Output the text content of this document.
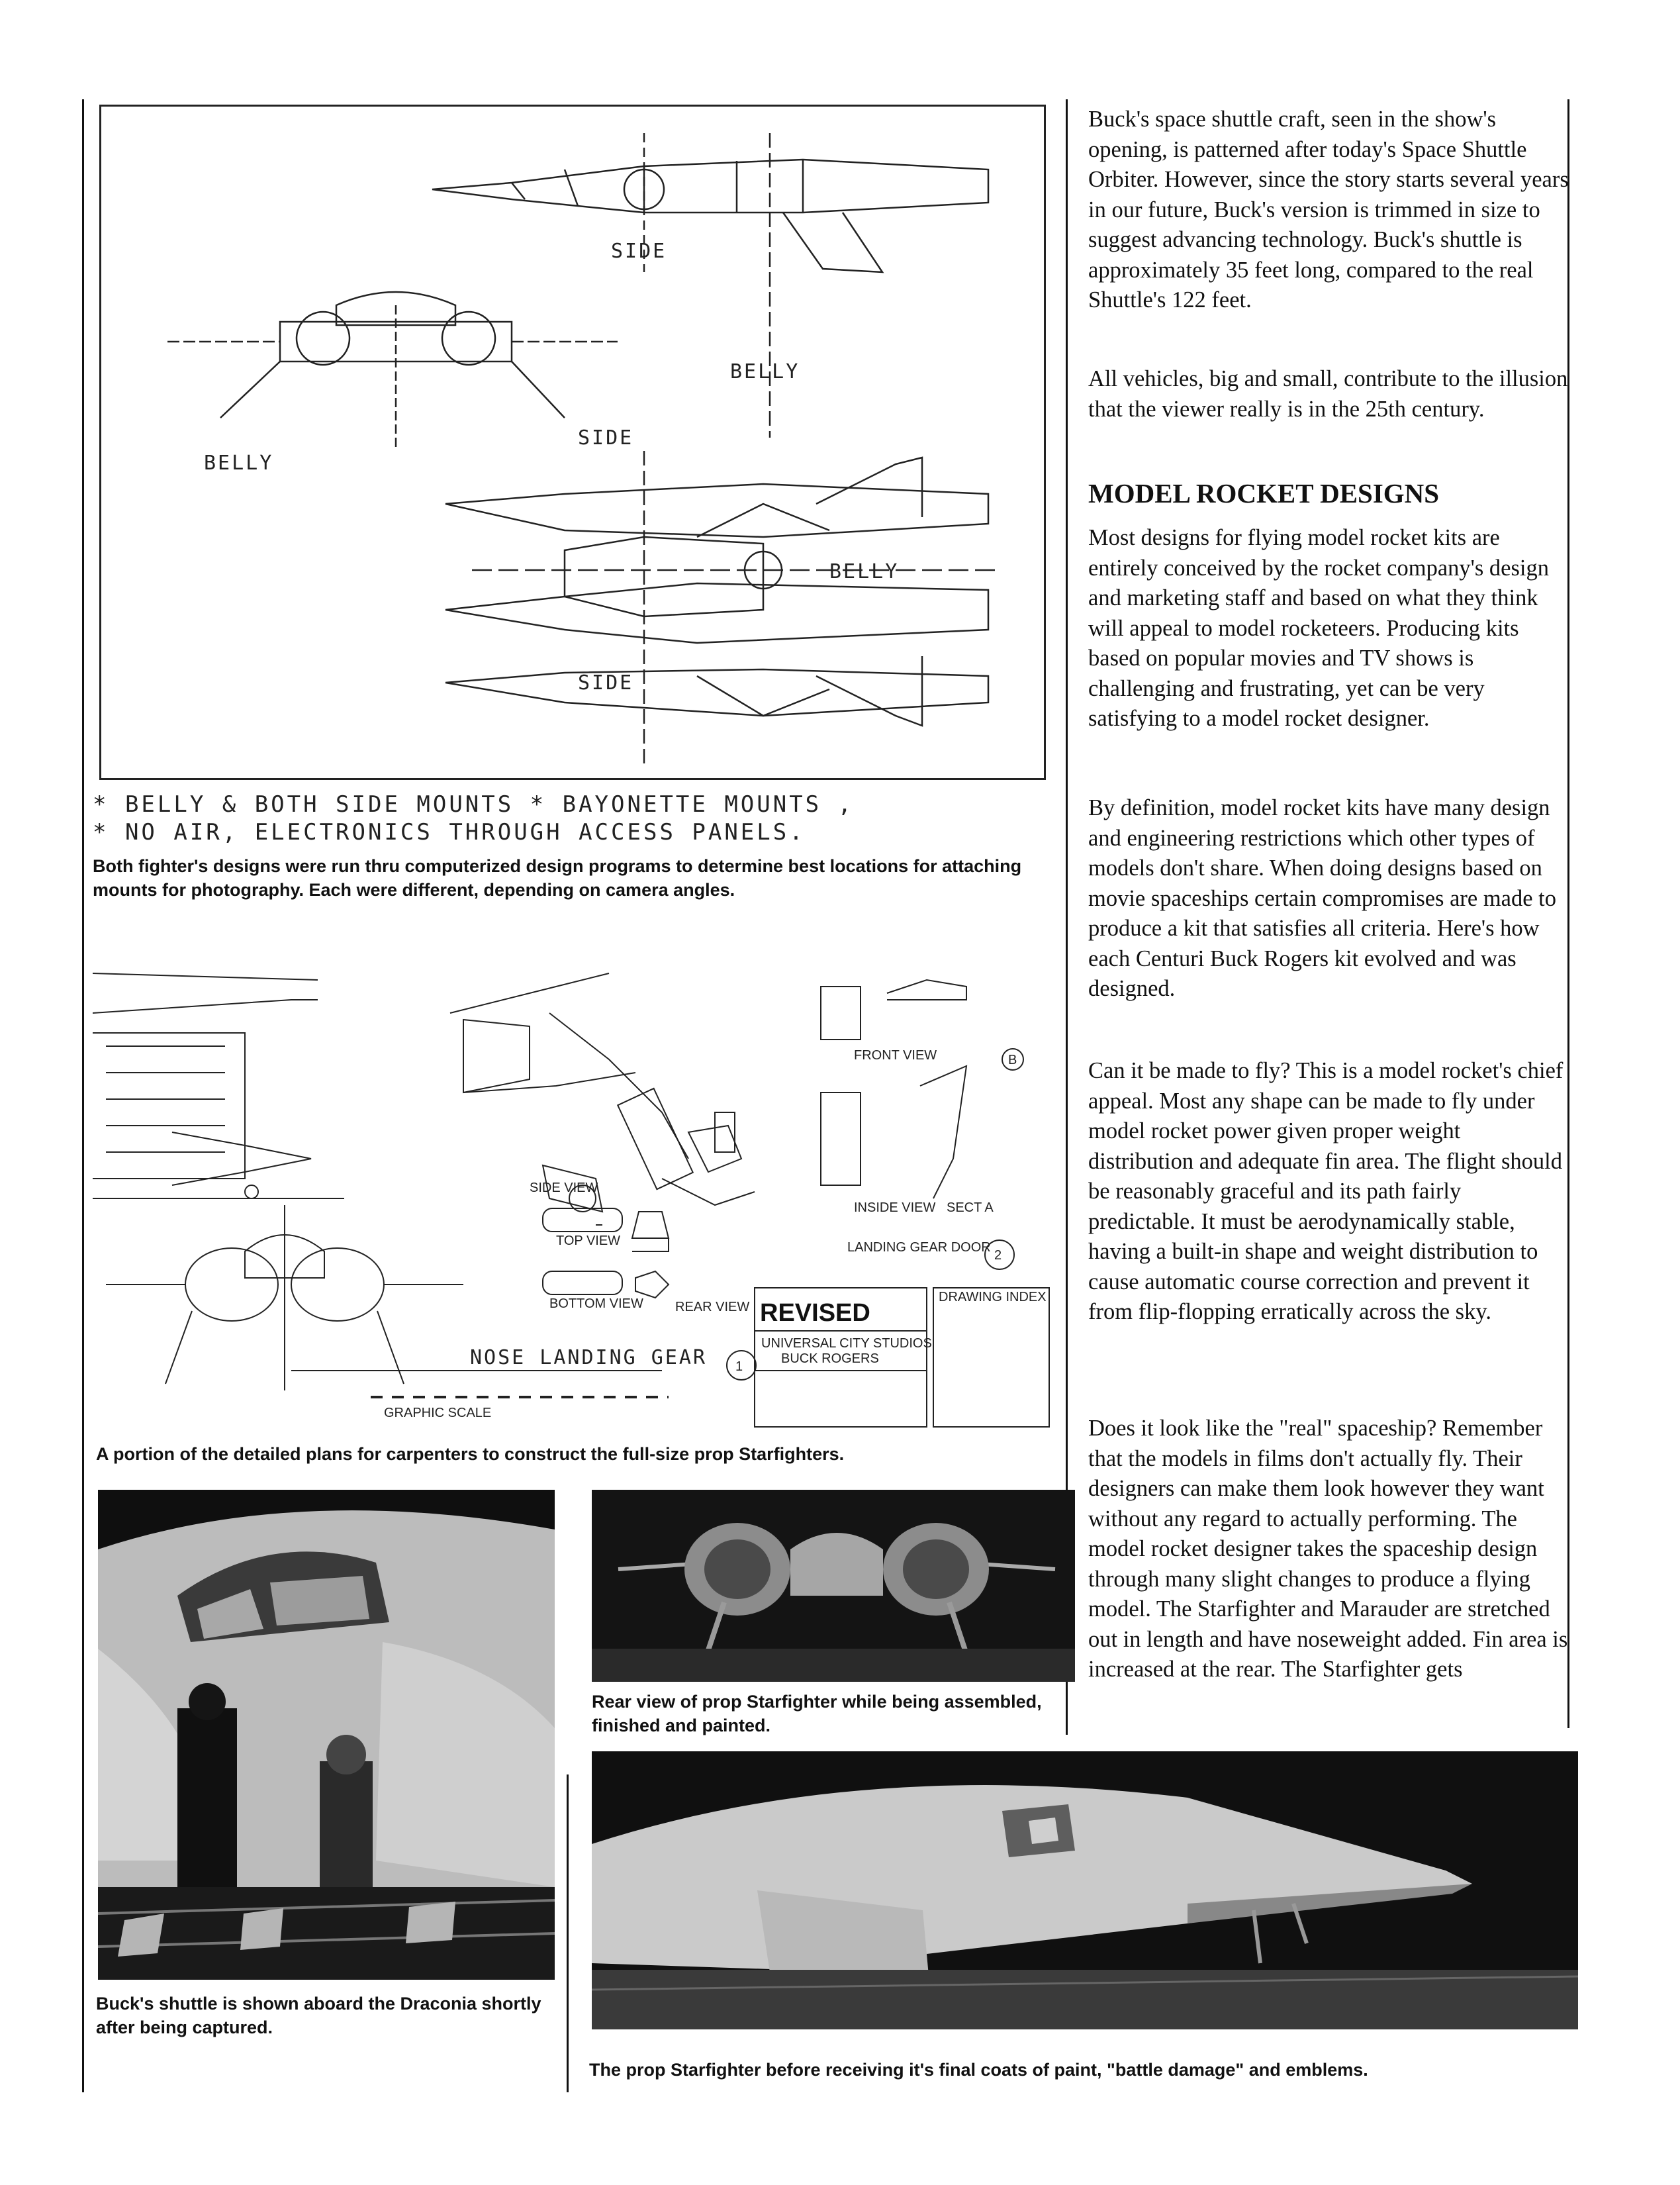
SIDE
BELLY
BELLY
SIDE
BELLY
SIDE
* BELLY & BOTH SIDE MOUNTS * BAYONETTE MOUNTS ,
* NO AIR, ELECTRONICS THROUGH ACCESS PANELS.
Both fighter's designs were run thru computerized design programs to determine best locations for attaching mounts for photography. Each were different, depending on camera angles.
NOSE LANDING GEAR 1
2
B
REVISED
DRAWING INDEX
UNIVERSAL CITY STUDIOS
BUCK ROGERS
TOP VIEW
BOTTOM VIEW
SIDE VIEW
FRONT VIEW
REAR VIEW
INSIDE VIEW
LANDING GEAR DOOR
SECT A
GRAPHIC SCALE
A portion of the detailed plans for carpenters to construct the full-size prop Starfighters.
Buck's shuttle is shown aboard the Draconia shortly after being captured.
Rear view of prop Starfighter while being assembled, finished and painted.
The prop Starfighter before receiving it's final coats of paint, "battle damage" and emblems.
Buck's space shuttle craft, seen in the show's opening, is patterned after today's Space Shuttle Orbiter. However, since the story starts several years in our future, Buck's version is trimmed in size to suggest advancing technology. Buck's shuttle is approximately 35 feet long, compared to the real Shuttle's 122 feet.
All vehicles, big and small, contribute to the illusion that the viewer really is in the 25th century.
MODEL ROCKET DESIGNS
Most designs for flying model rocket kits are entirely conceived by the rocket company's design and marketing staff and based on what they think will appeal to model rocketeers. Producing kits based on popular movies and TV shows is challenging and frustrating, yet can be very satisfying to a model rocket designer.
By definition, model rocket kits have many design and engineering restrictions which other types of models don't share. When doing designs based on movie spaceships certain compromises are made to produce a kit that satisfies all criteria. Here's how each Centuri Buck Rogers kit evolved and was designed.
Can it be made to fly? This is a model rocket's chief appeal. Most any shape can be made to fly under model rocket power given proper weight distribution and adequate fin area. The flight should be reasonably graceful and its path fairly predictable. It must be aerodynamically stable, having a built-in shape and weight distribution to cause automatic course correction and prevent it from flip-flopping erratically across the sky.
Does it look like the "real" spaceship? Remember that the models in films don't actually fly. Their designers can make them look however they want without any regard to actually performing. The model rocket designer takes the spaceship design through many slight changes to produce a flying model. The Starfighter and Marauder are stretched out in length and have noseweight added. Fin area is increased at the rear. The Starfighter gets
